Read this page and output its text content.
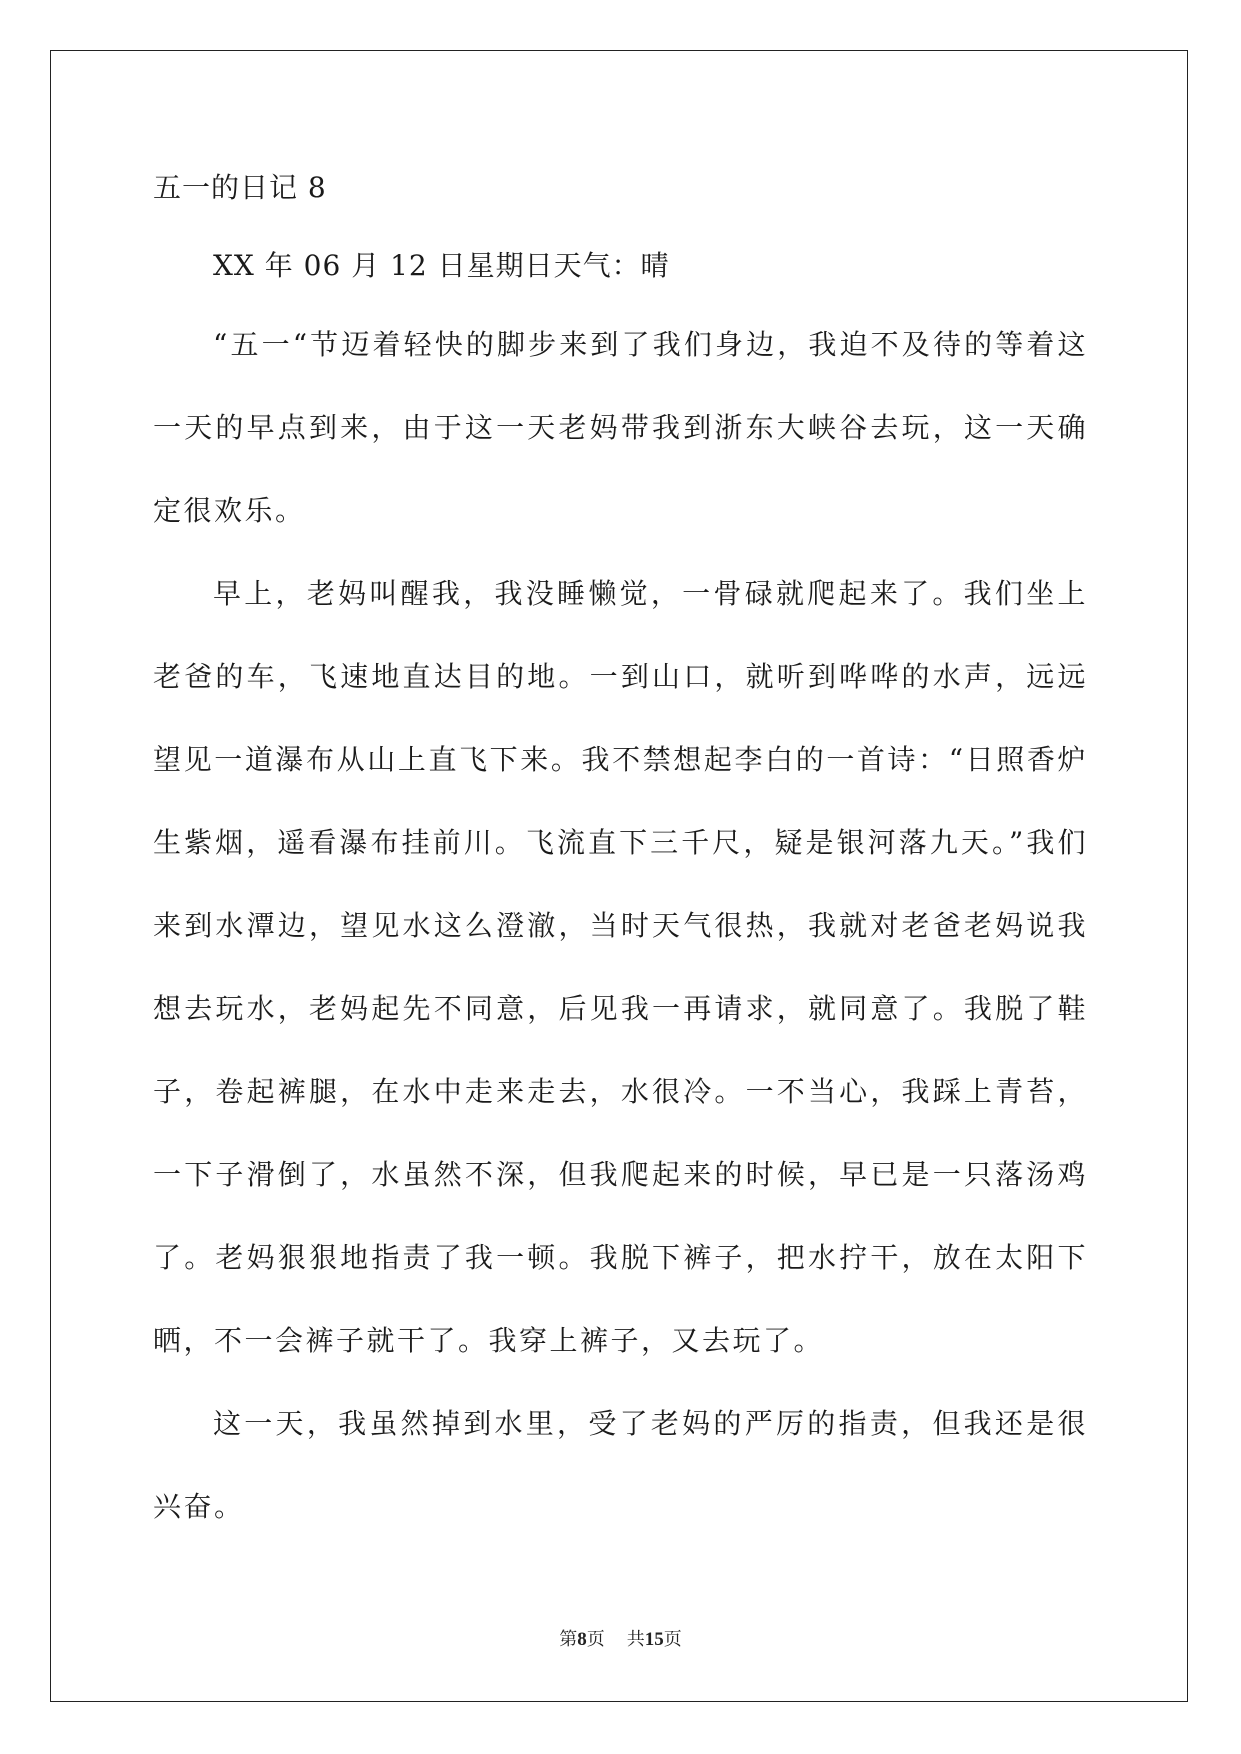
五一的日记 8
XX 年 06 月 12 日星期日天气：晴

“五一“节迈着轻快的脚步来到了我们身边，我迫不及待的等着这一天的早点到来，由于这一天老妈带我到浙东大峡谷去玩，这一天确定很欢乐。

早上，老妈叫醒我，我没睡懒觉，一骨碌就爬起来了。我们坐上老爸的车，飞速地直达目的地。一到山口，就听到哗哗的水声，远远望见一道瀑布从山上直飞下来。我不禁想起李白的一首诗：“日照香炉生紫烟，遥看瀑布挂前川。飞流直下三千尺，疑是银河落九天。”我们来到水潭边，望见水这么澄澈，当时天气很热，我就对老爸老妈说我想去玩水，老妈起先不同意，后见我一再请求，就同意了。我脱了鞋子，卷起裤腿，在水中走来走去，水很冷。一不当心，我踩上青苔，一下子滑倒了，水虽然不深，但我爬起来的时候，早已是一只落汤鸡了。老妈狠狠地指责了我一顿。我脱下裤子，把水拧干，放在太阳下晒，不一会裤子就干了。我穿上裤子，又去玩了。

这一天，我虽然掉到水里，受了老妈的严厉的指责，但我还是很兴奋。

第8页 共15页
